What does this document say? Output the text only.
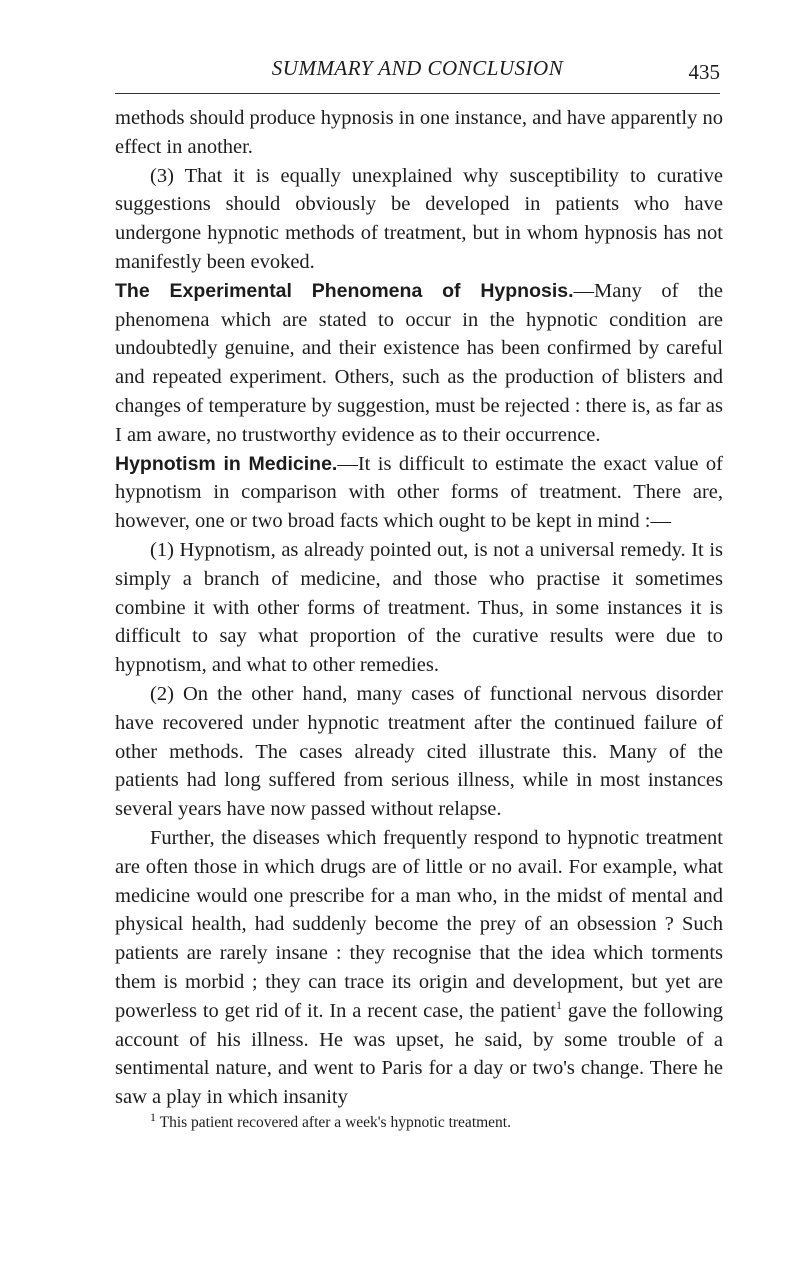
SUMMARY AND CONCLUSION	435

methods should produce hypnosis in one instance, and have apparently no effect in another.

(3) That it is equally unexplained why susceptibility to curative suggestions should obviously be developed in patients who have undergone hypnotic methods of treatment, but in whom hypnosis has not manifestly been evoked.

The Experimental Phenomena of Hypnosis.—Many of the phenomena which are stated to occur in the hypnotic condition are undoubtedly genuine, and their existence has been confirmed by careful and repeated experiment. Others, such as the production of blisters and changes of temperature by suggestion, must be rejected : there is, as far as I am aware, no trustworthy evidence as to their occurrence.

Hypnotism in Medicine.—It is difficult to estimate the exact value of hypnotism in comparison with other forms of treatment. There are, however, one or two broad facts which ought to be kept in mind :—

(1) Hypnotism, as already pointed out, is not a universal remedy. It is simply a branch of medicine, and those who practise it sometimes combine it with other forms of treatment. Thus, in some instances it is difficult to say what proportion of the curative results were due to hypnotism, and what to other remedies.

(2) On the other hand, many cases of functional nervous disorder have recovered under hypnotic treatment after the continued failure of other methods. The cases already cited illustrate this. Many of the patients had long suffered from serious illness, while in most instances several years have now passed without relapse.

Further, the diseases which frequently respond to hypnotic treatment are often those in which drugs are of little or no avail. For example, what medicine would one prescribe for a man who, in the midst of mental and physical health, had suddenly become the prey of an obsession ? Such patients are rarely insane : they recognise that the idea which torments them is morbid ; they can trace its origin and development, but yet are powerless to get rid of it. In a recent case, the patient$^1$ gave the following account of his illness. He was upset, he said, by some trouble of a sentimental nature, and went to Paris for a day or two's change. There he saw a play in which insanity

$^1$ This patient recovered after a week's hypnotic treatment.
